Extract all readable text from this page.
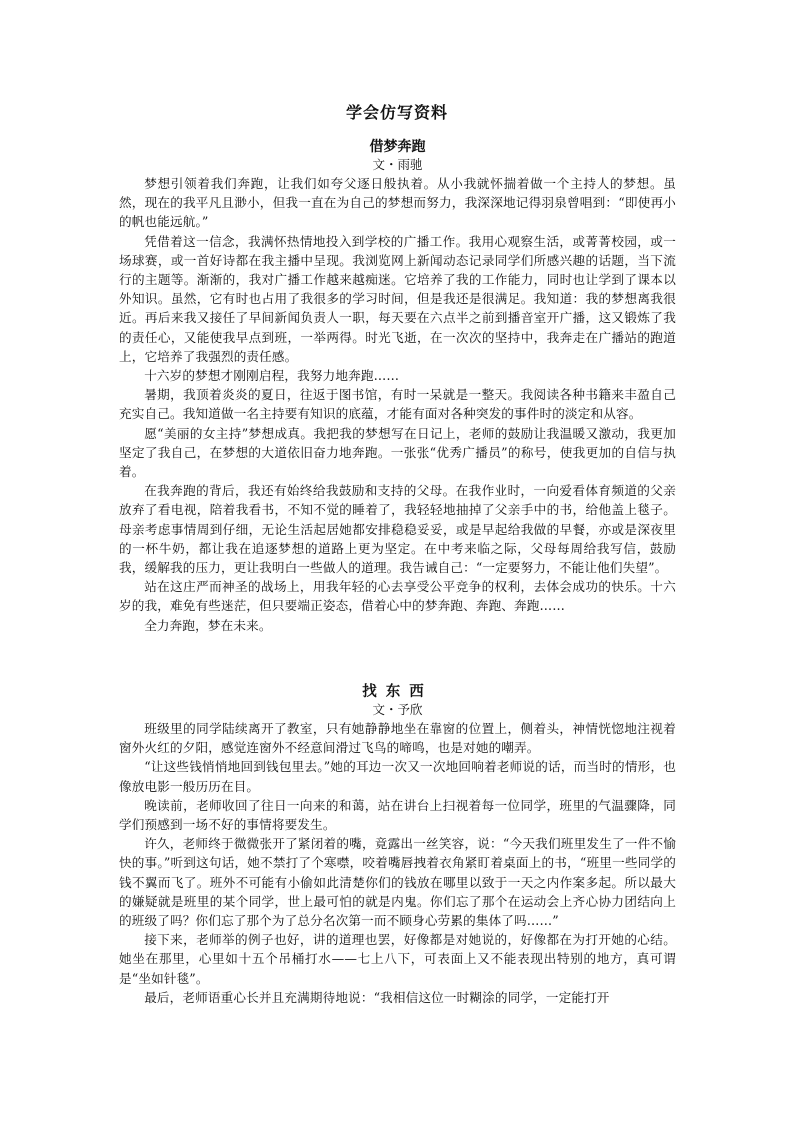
学会仿写资料
借梦奔跑
文・雨驰

梦想引领着我们奔跑，让我们如夸父逐日般执着。从小我就怀揣着做一个主持人的梦想。虽然，现在的我平凡且渺小，但我一直在为自己的梦想而努力，我深深地记得羽泉曾唱到：“即使再小的帆也能远航。”

凭借着这一信念，我满怀热情地投入到学校的广播工作。我用心观察生活，或菁菁校园，或一场球赛，或一首好诗都在我主播中呈现。我浏览网上新闻动态记录同学们所感兴趣的话题，当下流行的主题等。渐渐的，我对广播工作越来越痴迷。它培养了我的工作能力，同时也让学到了课本以外知识。虽然，它有时也占用了我很多的学习时间，但是我还是很满足。我知道：我的梦想离我很近。再后来我又接任了早间新闻负责人一职，每天要在六点半之前到播音室开广播，这又锻炼了我的责任心，又能使我早点到班，一举两得。时光飞逝，在一次次的坚持中，我奔走在广播站的跑道上，它培养了我强烈的责任感。

十六岁的梦想才刚刚启程，我努力地奔跑……

暑期，我顶着炎炎的夏日，往返于图书馆，有时一呆就是一整天。我阅读各种书籍来丰盈自己充实自己。我知道做一名主持要有知识的底蕴，才能有面对各种突发的事件时的淡定和从容。

愿“美丽的女主持”梦想成真。我把我的梦想写在日记上，老师的鼓励让我温暖又激动，我更加坚定了我自己，在梦想的大道依旧奋力地奔跑。一张张“优秀广播员”的称号，使我更加的自信与执着。

在我奔跑的背后，我还有始终给我鼓励和支持的父母。在我作业时，一向爱看体育频道的父亲放弃了看电视，陪着我看书，不知不觉的睡着了，我轻轻地抽掉了父亲手中的书，给他盖上毯子。母亲考虑事情周到仔细，无论生活起居她都安排稳稳妥妥，或是早起给我做的早餐，亦或是深夜里的一杯牛奶，都让我在追逐梦想的道路上更为坚定。在中考来临之际，父母每周给我写信，鼓励我，缓解我的压力，更让我明白一些做人的道理。我告诫自己：“一定要努力，不能让他们失望”。

站在这庄严而神圣的战场上，用我年轻的心去享受公平竞争的权利，去体会成功的快乐。十六岁的我，难免有些迷茫，但只要端正姿态，借着心中的梦奔跑、奔跑、奔跑……

全力奔跑，梦在未来。

找东西
文・予欣

班级里的同学陆续离开了教室，只有她静静地坐在靠窗的位置上，侧着头，神情恍惚地注视着窗外火红的夕阳，感觉连窗外不经意间滑过飞鸟的啼鸣，也是对她的嘲弄。

“让这些钱悄悄地回到钱包里去。”她的耳边一次又一次地回响着老师说的话，而当时的情形，也像放电影一般历历在目。

晚读前，老师收回了往日一向来的和蔼，站在讲台上扫视着每一位同学，班里的气温骤降，同学们预感到一场不好的事情将要发生。

许久，老师终于微微张开了紧闭着的嘴，竟露出一丝笑容，说：“今天我们班里发生了一件不愉快的事。”听到这句话，她不禁打了个寒噤，咬着嘴唇拽着衣角紧盯着桌面上的书，“班里一些同学的钱不翼而飞了。班外不可能有小偷如此清楚你们的钱放在哪里以致于一天之内作案多起。所以最大的嫌疑就是班里的某个同学，世上最可怕的就是内鬼。你们忘了那个在运动会上齐心协力团结向上的班级了吗？你们忘了那个为了总分名次第一而不顾身心劳累的集体了吗……”

接下来，老师举的例子也好，讲的道理也罢，好像都是对她说的，好像都在为打开她的心结。她坐在那里，心里如十五个吊桶打水——七上八下，可表面上又不能表现出特别的地方，真可谓是“坐如针毯”。

最后，老师语重心长并且充满期待地说：“我相信这位一时糊涂的同学，一定能打开
